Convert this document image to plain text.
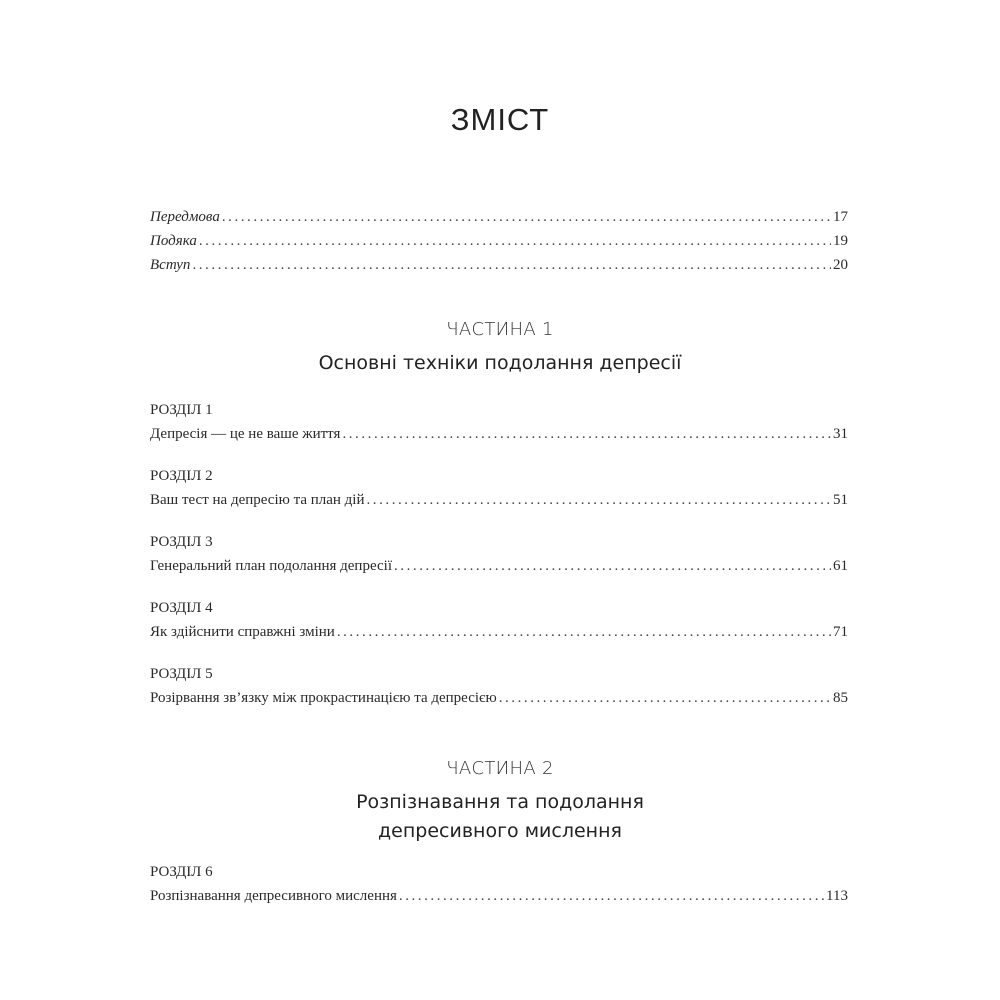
ЗМІСТ
Передмова . . .	17
Подяка . . .	19
Вступ . . .	20
ЧАСТИНА 1
Основні техніки подолання депресії
РОЗДІЛ 1
Депресія — це не ваше життя . . .	31
РОЗДІЛ 2
Ваш тест на депресію та план дій . . .	51
РОЗДІЛ 3
Генеральний план подолання депресії . . .	61
РОЗДІЛ 4
Як здійснити справжні зміни . . .	71
РОЗДІЛ 5
Розірвання зв’язку між прокрастинацією та депресією . . .	85
ЧАСТИНА 2
Розпізнавання та подолання
депресивного мислення
РОЗДІЛ 6
Розпізнавання депресивного мислення . . .	113
